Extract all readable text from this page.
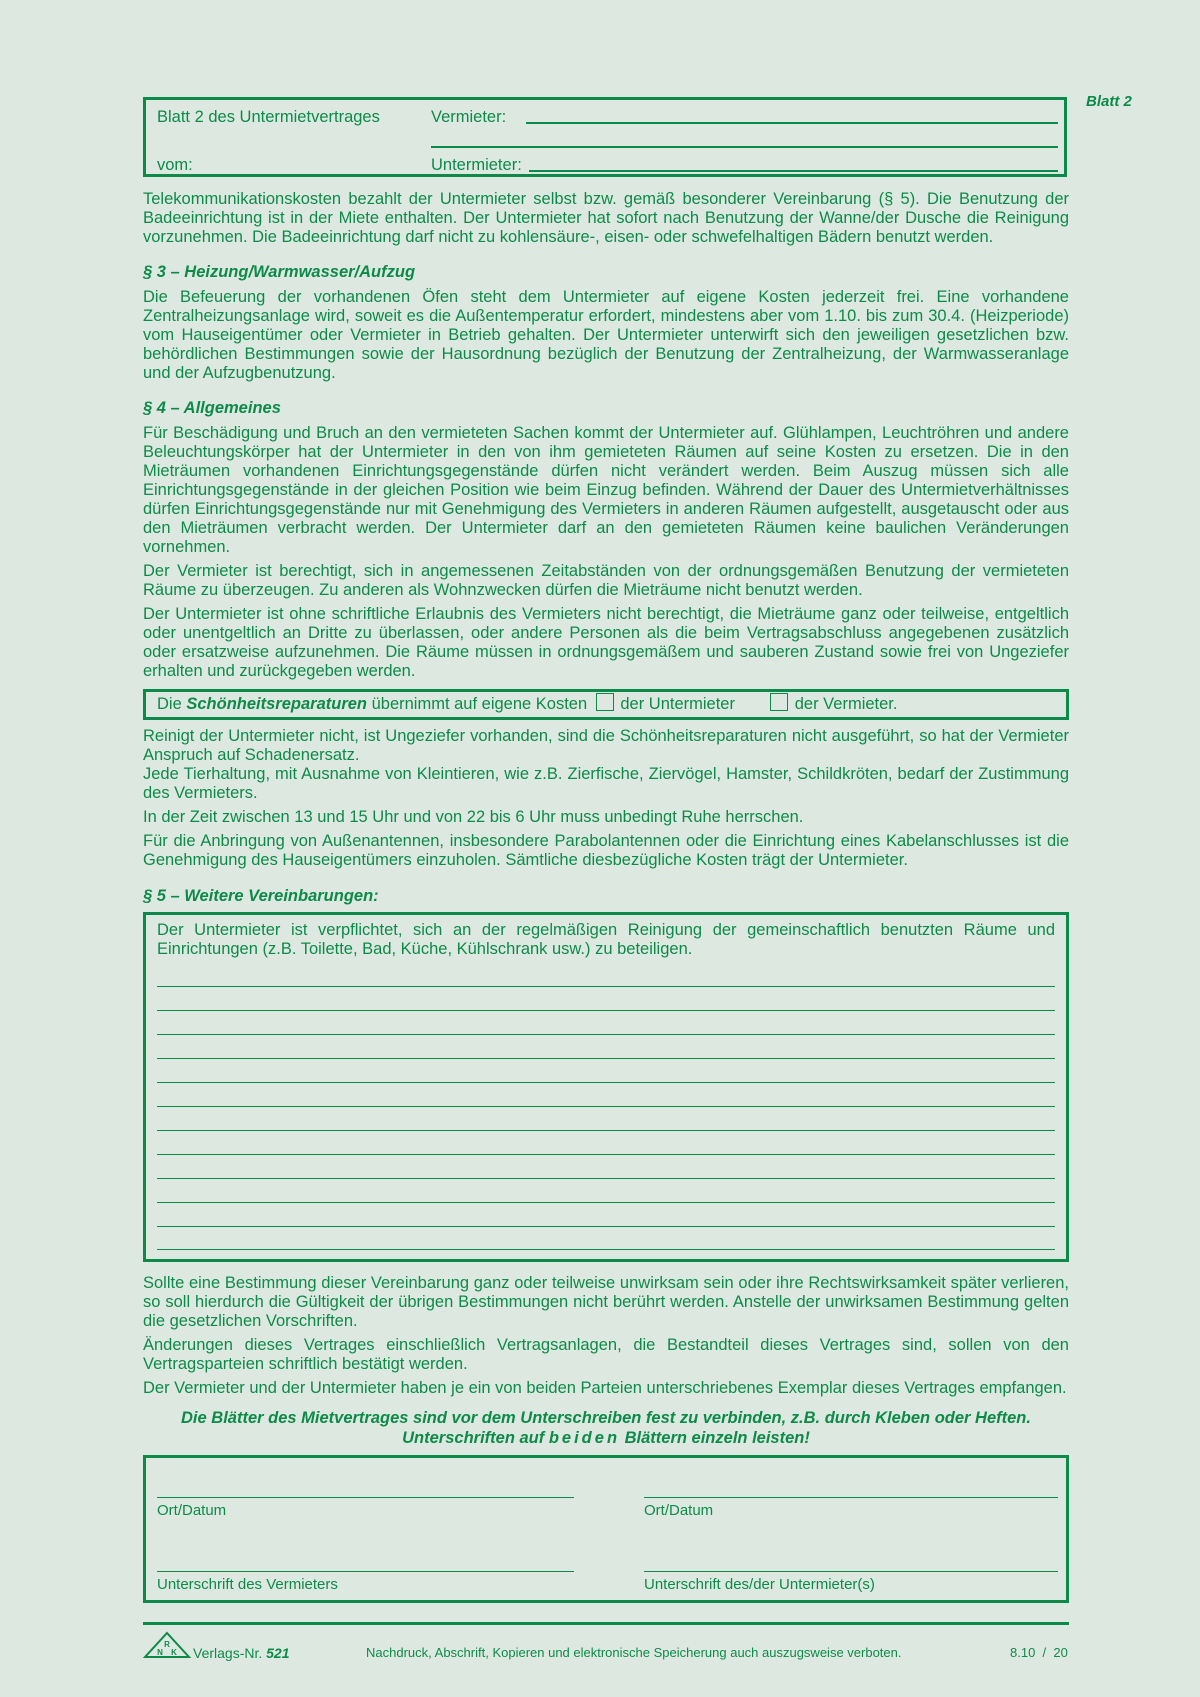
Blatt 2
Blatt 2 des Untermietvertrages
vom:
Vermieter:
Untermieter:

Telekommunikationskosten bezahlt der Untermieter selbst bzw. gemäß besonderer Vereinbarung (§ 5). Die Benutzung der Badeeinrichtung ist in der Miete enthalten. Der Untermieter hat sofort nach Benutzung der Wanne/der Dusche die Reinigung vorzunehmen. Die Badeeinrichtung darf nicht zu kohlensäure-, eisen- oder schwefelhaltigen Bädern benutzt werden.

§ 3 – Heizung/Warmwasser/Aufzug

Die Befeuerung der vorhandenen Öfen steht dem Untermieter auf eigene Kosten jederzeit frei. Eine vorhandene Zentralheizungsanlage wird, soweit es die Außentemperatur erfordert, mindestens aber vom 1.10. bis zum 30.4. (Heizperiode) vom Hauseigentümer oder Vermieter in Betrieb gehalten. Der Untermieter unterwirft sich den jeweiligen gesetzlichen bzw. behördlichen Bestimmungen sowie der Hausordnung bezüglich der Benutzung der Zentralheizung, der Warmwasseranlage und der Aufzugbenutzung.

§ 4 – Allgemeines

Für Beschädigung und Bruch an den vermieteten Sachen kommt der Untermieter auf. Glühlampen, Leuchtröhren und andere Beleuchtungskörper hat der Untermieter in den von ihm gemieteten Räumen auf seine Kosten zu ersetzen. Die in den Mieträumen vorhandenen Einrichtungsgegenstände dürfen nicht verändert werden. Beim Auszug müssen sich alle Einrichtungsgegenstände in der gleichen Position wie beim Einzug befinden. Während der Dauer des Untermietverhältnisses dürfen Einrichtungsgegenstände nur mit Genehmigung des Vermieters in anderen Räumen aufgestellt, ausgetauscht oder aus den Mieträumen verbracht werden. Der Untermieter darf an den gemieteten Räumen keine baulichen Veränderungen vornehmen.

Der Vermieter ist berechtigt, sich in angemessenen Zeitabständen von der ordnungsgemäßen Benutzung der vermieteten Räume zu überzeugen. Zu anderen als Wohnzwecken dürfen die Mieträume nicht benutzt werden.

Der Untermieter ist ohne schriftliche Erlaubnis des Vermieters nicht berechtigt, die Mieträume ganz oder teilweise, entgeltlich oder unentgeltlich an Dritte zu überlassen, oder andere Personen als die beim Vertragsabschluss angegebenen zusätzlich oder ersatzweise aufzunehmen. Die Räume müssen in ordnungsgemäßem und sauberen Zustand sowie frei von Ungeziefer erhalten und zurückgegeben werden.

Die Schönheitsreparaturen übernimmt auf eigene Kosten der Untermieter	der Vermieter.

Reinigt der Untermieter nicht, ist Ungeziefer vorhanden, sind die Schönheitsreparaturen nicht ausgeführt, so hat der Vermieter Anspruch auf Schadenersatz.

Jede Tierhaltung, mit Ausnahme von Kleintieren, wie z.B. Zierfische, Ziervögel, Hamster, Schildkröten, bedarf der Zustimmung des Vermieters.

In der Zeit zwischen 13 und 15 Uhr und von 22 bis 6 Uhr muss unbedingt Ruhe herrschen.

Für die Anbringung von Außenantennen, insbesondere Parabolantennen oder die Einrichtung eines Kabelanschlusses ist die Genehmigung des Hauseigentümers einzuholen. Sämtliche diesbezügliche Kosten trägt der Untermieter.

§ 5 – Weitere Vereinbarungen:

Der Untermieter ist verpflichtet, sich an der regelmäßigen Reinigung der gemeinschaftlich benutzten Räume und Einrichtungen (z.B. Toilette, Bad, Küche, Kühlschrank usw.) zu beteiligen.

Sollte eine Bestimmung dieser Vereinbarung ganz oder teilweise unwirksam sein oder ihre Rechtswirksamkeit später verlieren, so soll hierdurch die Gültigkeit der übrigen Bestimmungen nicht berührt werden. Anstelle der unwirksamen Bestimmung gelten die gesetzlichen Vorschriften.

Änderungen dieses Vertrages einschließlich Vertragsanlagen, die Bestandteil dieses Vertrages sind, sollen von den Vertragsparteien schriftlich bestätigt werden.

Der Vermieter und der Untermieter haben je ein von beiden Parteien unterschriebenes Exemplar dieses Vertrages empfangen.

Die Blätter des Mietvertrages sind vor dem Unterschreiben fest zu verbinden, z.B. durch Kleben oder Heften.
Unterschriften auf beiden Blättern einzeln leisten!
Ort/Datum	Ort/Datum
Unterschrift des Vermieters	Unterschrift des/der Untermieter(s)
R
N K Verlags-Nr. 521	Nachdruck, Abschrift, Kopieren und elektronische Speicherung auch auszugsweise verboten.	8.10  /  20
